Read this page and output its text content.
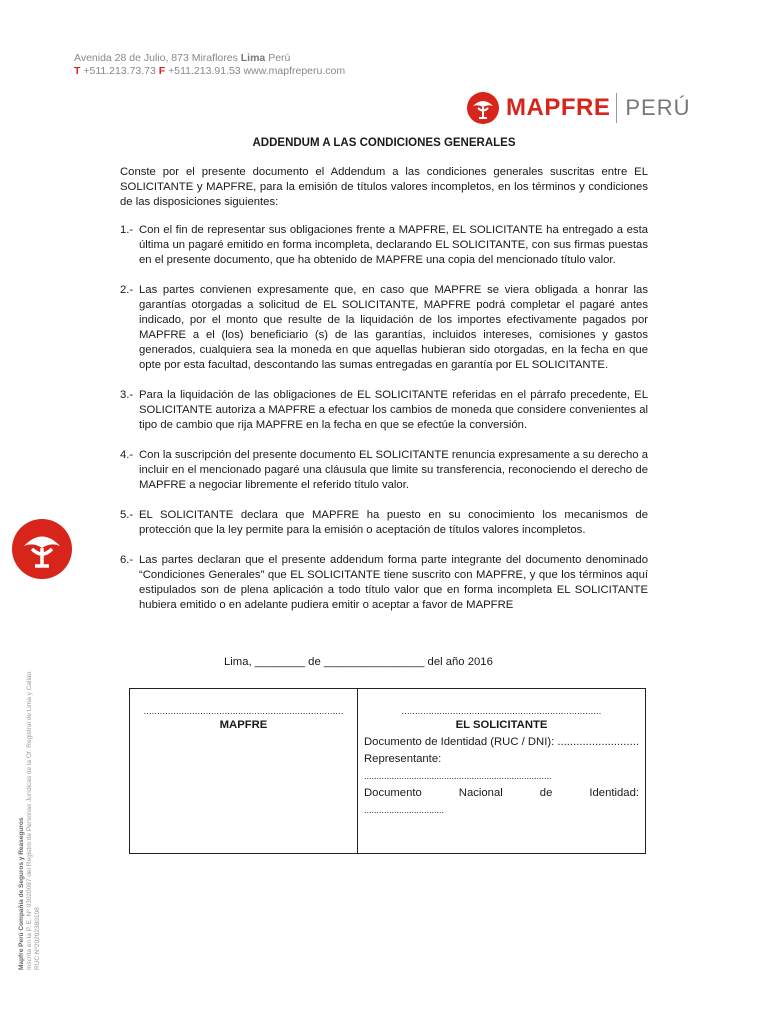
Avenida 28 de Julio, 873 Miraflores Lima Perú
T +511.213.73.73 F +511.213.91.53 www.mapfreperu.com
MAPFRE PERÚ
Mapfre Perú Compañía de Seguros y Reaseguros Inscrita en la P. E. Nº 03020087 del Registro de Personas Jurídicas de la Of. Registral de Lima y Callao. RUC Nº20202380108
ADDENDUM A LAS CONDICIONES GENERALES
Conste por el presente documento el Addendum a las condiciones generales suscritas entre EL SOLICITANTE y MAPFRE, para la emisión de títulos valores incompletos, en los términos y condiciones de las disposiciones siguientes:
1.- Con el fin de representar sus obligaciones frente a MAPFRE, EL SOLICITANTE ha entregado a esta última un pagaré emitido en forma incompleta, declarando EL SOLICITANTE, con sus firmas puestas en el presente documento, que ha obtenido de MAPFRE una copia del mencionado título valor.
2.- Las partes convienen expresamente que, en caso que MAPFRE se viera obligada a honrar las garantías otorgadas a solicitud de EL SOLICITANTE, MAPFRE podrá completar el pagaré antes indicado, por el monto que resulte de la liquidación de los importes efectivamente pagados por MAPFRE a el (los) beneficiario (s) de las garantías, incluidos intereses, comisiones y gastos generados, cualquiera sea la moneda en que aquellas hubieran sido otorgadas, en la fecha en que opte por esta facultad, descontando las sumas entregadas en garantía por EL SOLICITANTE.
3.- Para la liquidación de las obligaciones de EL SOLICITANTE referidas en el párrafo precedente, EL SOLICITANTE autoriza a MAPFRE a efectuar los cambios de moneda que considere convenientes al tipo de cambio que rija MAPFRE en la fecha en que se efectúe la conversión.
4.- Con la suscripción del presente documento EL SOLICITANTE renuncia expresamente a su derecho a incluir en el mencionado pagaré una cláusula que limite su transferencia, reconociendo el derecho de MAPFRE a negociar libremente el referido título valor.
5.- EL SOLICITANTE declara que MAPFRE ha puesto en su conocimiento los mecanismos de protección que la ley permite para la emisión o aceptación de títulos valores incompletos.
6.- Las partes declaran que el presente addendum forma parte integrante del documento denominado “Condiciones Generales” que EL SOLICITANTE tiene suscrito con MAPFRE, y que los términos aquí estipulados son de plena aplicación a todo título valor que en forma incompleta EL SOLICITANTE hubiera emitido o en adelante pudiera emitir o aceptar a favor de MAPFRE
Lima, ________ de ________________ del año 2016
..........................................................................
MAPFRE
..........................................................................
EL SOLICITANTE
Documento de Identidad (RUC / DNI): ..........................
Representante:
...........................................................................
Documento	Nacional	de	Identidad:
................................
